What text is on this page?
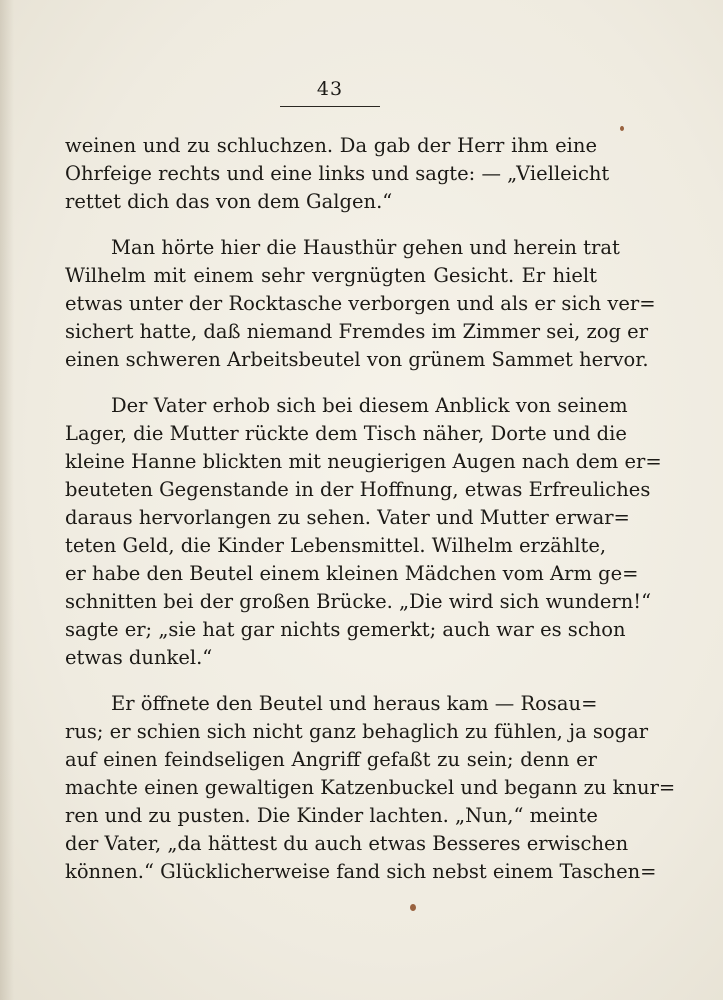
43

weinen und zu schluchzen. Da gab der Herr ihm eine
Ohrfeige rechts und eine links und sagte: — „Vielleicht
rettet dich das von dem Galgen.“

Man hörte hier die Hausthür gehen und herein trat
Wilhelm mit einem sehr vergnügten Gesicht. Er hielt
etwas unter der Rocktasche verborgen und als er sich ver=
sichert hatte, daß niemand Fremdes im Zimmer sei, zog er
einen schweren Arbeitsbeutel von grünem Sammet hervor.

Der Vater erhob sich bei diesem Anblick von seinem
Lager, die Mutter rückte dem Tisch näher, Dorte und die
kleine Hanne blickten mit neugierigen Augen nach dem er=
beuteten Gegenstande in der Hoffnung, etwas Erfreuliches
daraus hervorlangen zu sehen. Vater und Mutter erwar=
teten Geld, die Kinder Lebensmittel. Wilhelm erzählte,
er habe den Beutel einem kleinen Mädchen vom Arm ge=
schnitten bei der großen Brücke. „Die wird sich wundern!“
sagte er; „sie hat gar nichts gemerkt; auch war es schon
etwas dunkel.“

Er öffnete den Beutel und heraus kam — Rosau=
rus; er schien sich nicht ganz behaglich zu fühlen, ja sogar
auf einen feindseligen Angriff gefaßt zu sein; denn er
machte einen gewaltigen Katzenbuckel und begann zu knur=
ren und zu pusten. Die Kinder lachten. „Nun,“ meinte
der Vater, „da hättest du auch etwas Besseres erwischen
können.“ Glücklicherweise fand sich nebst einem Taschen=
